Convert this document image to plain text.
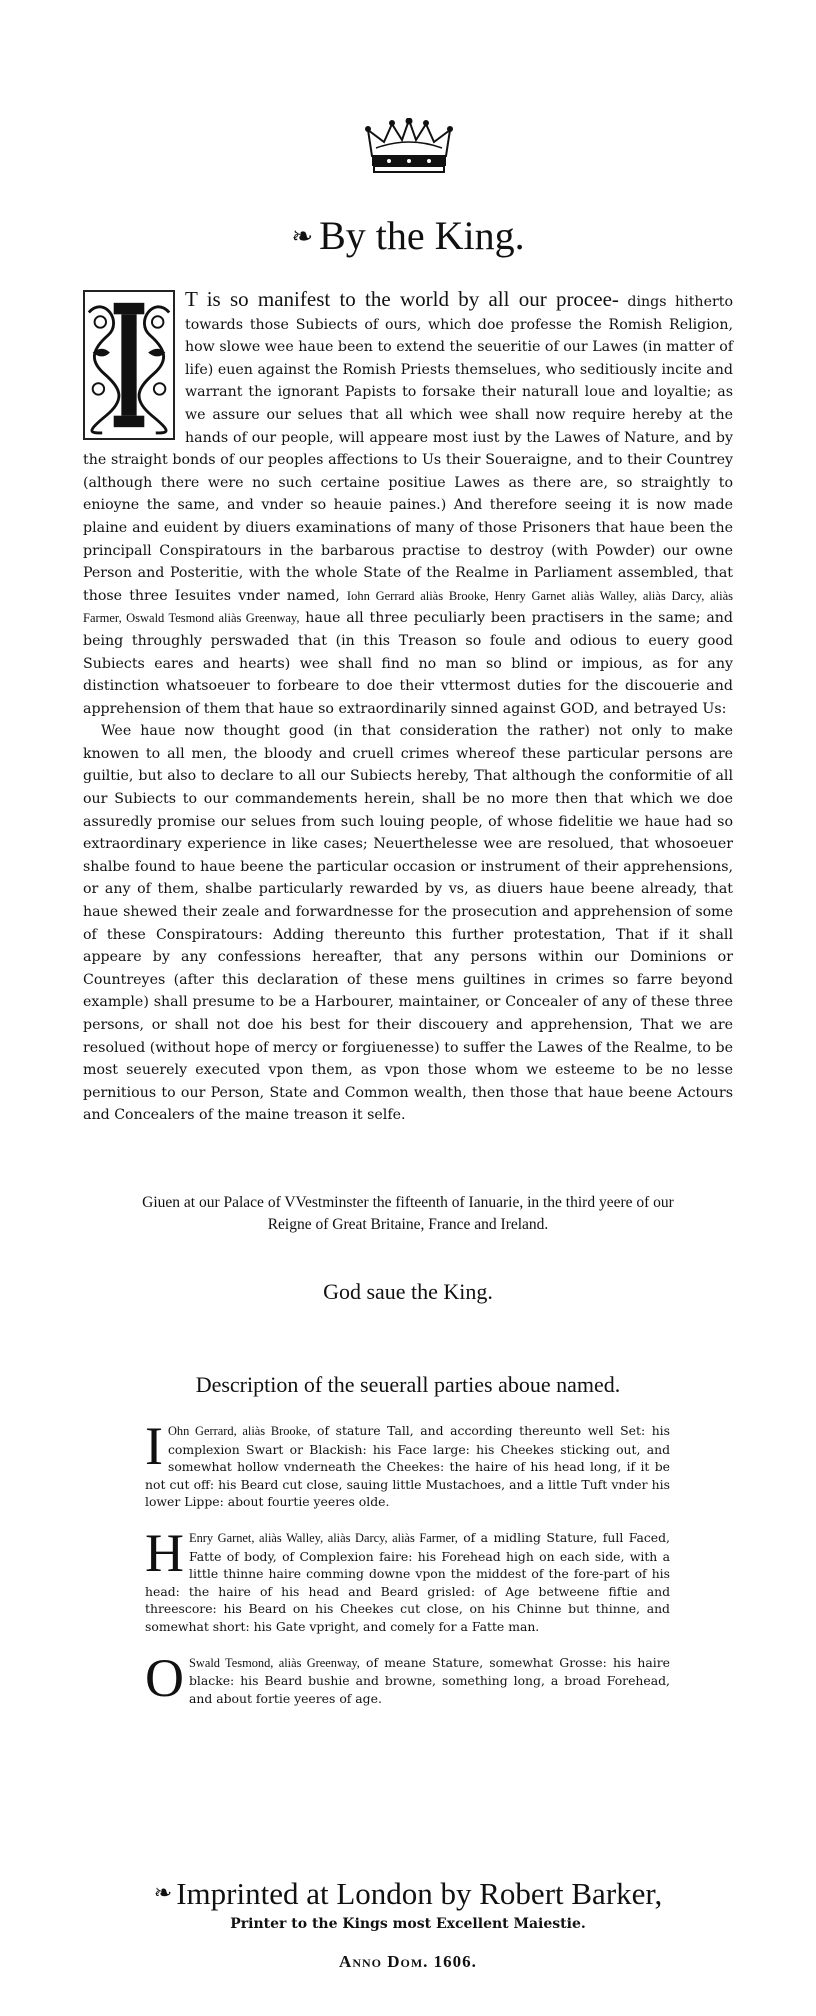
❧ By the King.

T is so manifest to the world by all our procee- dings hitherto towards those Subiects of ours, which doe professe the Romish Religion, how slowe wee haue been to extend the seueritie of our Lawes (in matter of life) euen against the Romish Priests themselues, who seditiously incite and warrant the ignorant Papists to forsake their naturall loue and loyaltie; as we assure our selues that all which wee shall now require hereby at the hands of our people, will appeare most iust by the Lawes of Nature, and by the straight bonds of our peoples affections to Us their Soueraigne, and to their Countrey (although there were no such certaine positiue Lawes as there are, so straightly to enioyne the same, and vnder so heauie paines.) And therefore seeing it is now made plaine and euident by diuers examinations of many of those Prisoners that haue been the principall Conspiratours in the barbarous practise to destroy (with Powder) our owne Person and Posteritie, with the whole State of the Realme in Parliament assembled, that those three Iesuites vnder named, Iohn Gerrard aliàs Brooke, Henry Garnet aliàs Walley, aliàs Darcy, aliàs Farmer, Oswald Tesmond aliàs Greenway, haue all three peculiarly been practisers in the same; and being throughly perswaded that (in this Treason so foule and odious to euery good Subiects eares and hearts) wee shall find no man so blind or impious, as for any distinction whatsoeuer to forbeare to doe their vttermost duties for the discouerie and apprehension of them that haue so extraordinarily sinned against GOD, and betrayed Us:

Wee haue now thought good (in that consideration the rather) not only to make knowen to all men, the bloody and cruell crimes whereof these particular persons are guiltie, but also to declare to all our Subiects hereby, That although the conformitie of all our Subiects to our commandements herein, shall be no more then that which we doe assuredly promise our selues from such louing people, of whose fidelitie we haue had so extraordinary experience in like cases; Neuerthelesse wee are resolued, that whosoeuer shalbe found to haue beene the particular occasion or instrument of their apprehensions, or any of them, shalbe particularly rewarded by vs, as diuers haue beene already, that haue shewed their zeale and forwardnesse for the prosecution and apprehension of some of these Conspiratours: Adding thereunto this further protestation, That if it shall appeare by any confessions hereafter, that any persons within our Dominions or Countreyes (after this declaration of these mens guiltines in crimes so farre beyond example) shall presume to be a Harbourer, maintainer, or Concealer of any of these three persons, or shall not doe his best for their discouery and apprehension, That we are resolued (without hope of mercy or forgiuenesse) to suffer the Lawes of the Realme, to be most seuerely executed vpon them, as vpon those whom we esteeme to be no lesse pernitious to our Person, State and Common wealth, then those that haue beene Actours and Concealers of the maine treason it selfe.

Giuen at our Palace of VVestminster the fifteenth of Ianuarie, in the third yeere of our Reigne of Great Britaine, France and Ireland.
God saue the King.
Description of the seuerall parties aboue named.
I Ohn Gerrard, aliàs Brooke, of stature Tall, and according thereunto well Set: his complexion Swart or Blackish: his Face large: his Cheekes sticking out, and somewhat hollow vnderneath the Cheekes: the haire of his head long, if it be not cut off: his Beard cut close, sauing little Mustachoes, and a little Tuft vnder his lower Lippe: about fourtie yeeres olde.
H Enry Garnet, aliàs Walley, aliàs Darcy, aliàs Farmer, of a midling Stature, full Faced, Fatte of body, of Complexion faire: his Forehead high on each side, with a little thinne haire comming downe vpon the middest of the fore-part of his head: the haire of his head and Beard grisled: of Age betweene fiftie and threescore: his Beard on his Cheekes cut close, on his Chinne but thinne, and somewhat short: his Gate vpright, and comely for a Fatte man.
O Swald Tesmond, aliàs Greenway, of meane Stature, somewhat Grosse: his haire blacke: his Beard bushie and browne, something long, a broad Forehead, and about fortie yeeres of age.
❧ Imprinted at London by Robert Barker,
Printer to the Kings most Excellent Maiestie.
Anno Dom. 1606.
